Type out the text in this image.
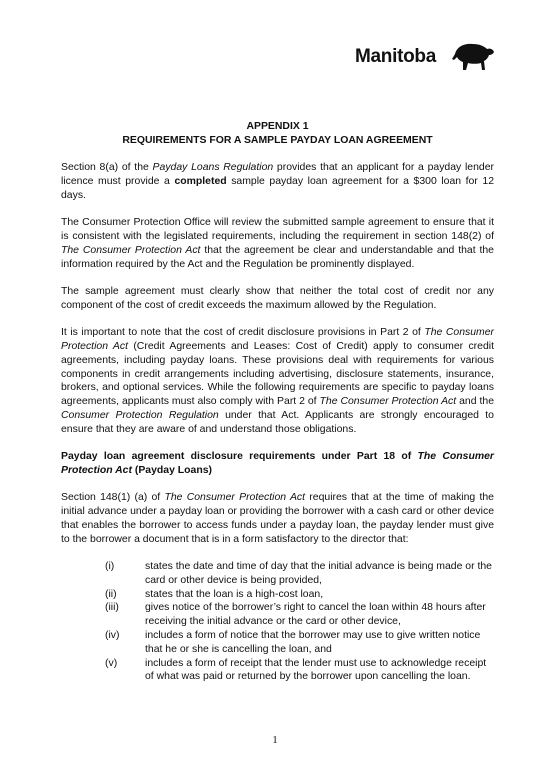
Manitoba

APPENDIX 1

REQUIREMENTS FOR A SAMPLE PAYDAY LOAN AGREEMENT

Section 8(a) of the Payday Loans Regulation provides that an applicant for a payday lender licence must provide a completed sample payday loan agreement for a $300 loan for 12 days.

The Consumer Protection Office will review the submitted sample agreement to ensure that it is consistent with the legislated requirements, including the requirement in section 148(2) of The Consumer Protection Act that the agreement be clear and understandable and that the information required by the Act and the Regulation be prominently displayed.

The sample agreement must clearly show that neither the total cost of credit nor any component of the cost of credit exceeds the maximum allowed by the Regulation.

It is important to note that the cost of credit disclosure provisions in Part 2 of The Consumer Protection Act (Credit Agreements and Leases: Cost of Credit) apply to consumer credit agreements, including payday loans. These provisions deal with requirements for various components in credit arrangements including advertising, disclosure statements, insurance, brokers, and optional services. While the following requirements are specific to payday loans agreements, applicants must also comply with Part 2 of The Consumer Protection Act and the Consumer Protection Regulation under that Act. Applicants are strongly encouraged to ensure that they are aware of and understand those obligations.

Payday loan agreement disclosure requirements under Part 18 of The Consumer Protection Act (Payday Loans)

Section 148(1) (a) of The Consumer Protection Act requires that at the time of making the initial advance under a payday loan or providing the borrower with a cash card or other device that enables the borrower to access funds under a payday loan, the payday lender must give to the borrower a document that is in a form satisfactory to the director that:

(i)	states the date and time of day that the initial advance is being made or the card or other device is being provided,
(ii)	states that the loan is a high-cost loan,
(iii) gives notice of the borrower’s right to cancel the loan within 48 hours after receiving the initial advance or the card or other device,
(iv) includes a form of notice that the borrower may use to give written notice that he or she is cancelling the loan, and
(v)	includes a form of receipt that the lender must use to acknowledge receipt of what was paid or returned by the borrower upon cancelling the loan.
1
